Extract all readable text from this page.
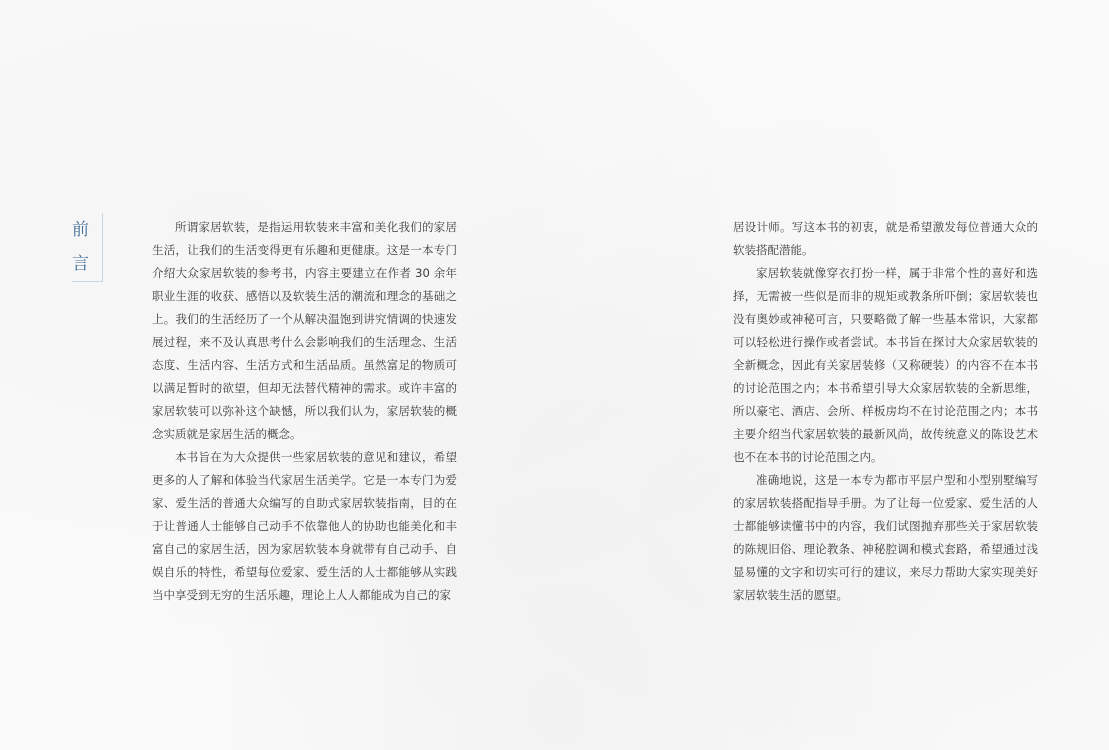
前
言

所谓家居软装，是指运用软装来丰富和美化我们的家居生活，让我们的生活变得更有乐趣和更健康。这是一本专门介绍大众家居软装的参考书，内容主要建立在作者 30 余年职业生涯的收获、感悟以及软装生活的潮流和理念的基础之上。我们的生活经历了一个从解决温饱到讲究情调的快速发展过程，来不及认真思考什么会影响我们的生活理念、生活态度、生活内容、生活方式和生活品质。虽然富足的物质可以满足暂时的欲望，但却无法替代精神的需求。或许丰富的家居软装可以弥补这个缺憾，所以我们认为，家居软装的概念实质就是家居生活的概念。

本书旨在为大众提供一些家居软装的意见和建议，希望更多的人了解和体验当代家居生活美学。它是一本专门为爱家、爱生活的普通大众编写的自助式家居软装指南，目的在于让普通人士能够自己动手不依靠他人的协助也能美化和丰富自己的家居生活，因为家居软装本身就带有自己动手、自娱自乐的特性，希望每位爱家、爱生活的人士都能够从实践当中享受到无穷的生活乐趣，理论上人人都能成为自己的家

居设计师。写这本书的初衷，就是希望激发每位普通大众的软装搭配潜能。

家居软装就像穿衣打扮一样，属于非常个性的喜好和选择，无需被一些似是而非的规矩或教条所吓倒；家居软装也没有奥妙或神秘可言，只要略微了解一些基本常识，大家都可以轻松进行操作或者尝试。本书旨在探讨大众家居软装的全新概念，因此有关家居装修（又称硬装）的内容不在本书的讨论范围之内；本书希望引导大众家居软装的全新思维，所以豪宅、酒店、会所、样板房均不在讨论范围之内；本书主要介绍当代家居软装的最新风尚，故传统意义的陈设艺术也不在本书的讨论范围之内。

准确地说，这是一本专为都市平层户型和小型别墅编写的家居软装搭配指导手册。为了让每一位爱家、爱生活的人士都能够读懂书中的内容，我们试图抛弃那些关于家居软装的陈规旧俗、理论教条、神秘腔调和模式套路，希望通过浅显易懂的文字和切实可行的建议，来尽力帮助大家实现美好家居软装生活的愿望。
